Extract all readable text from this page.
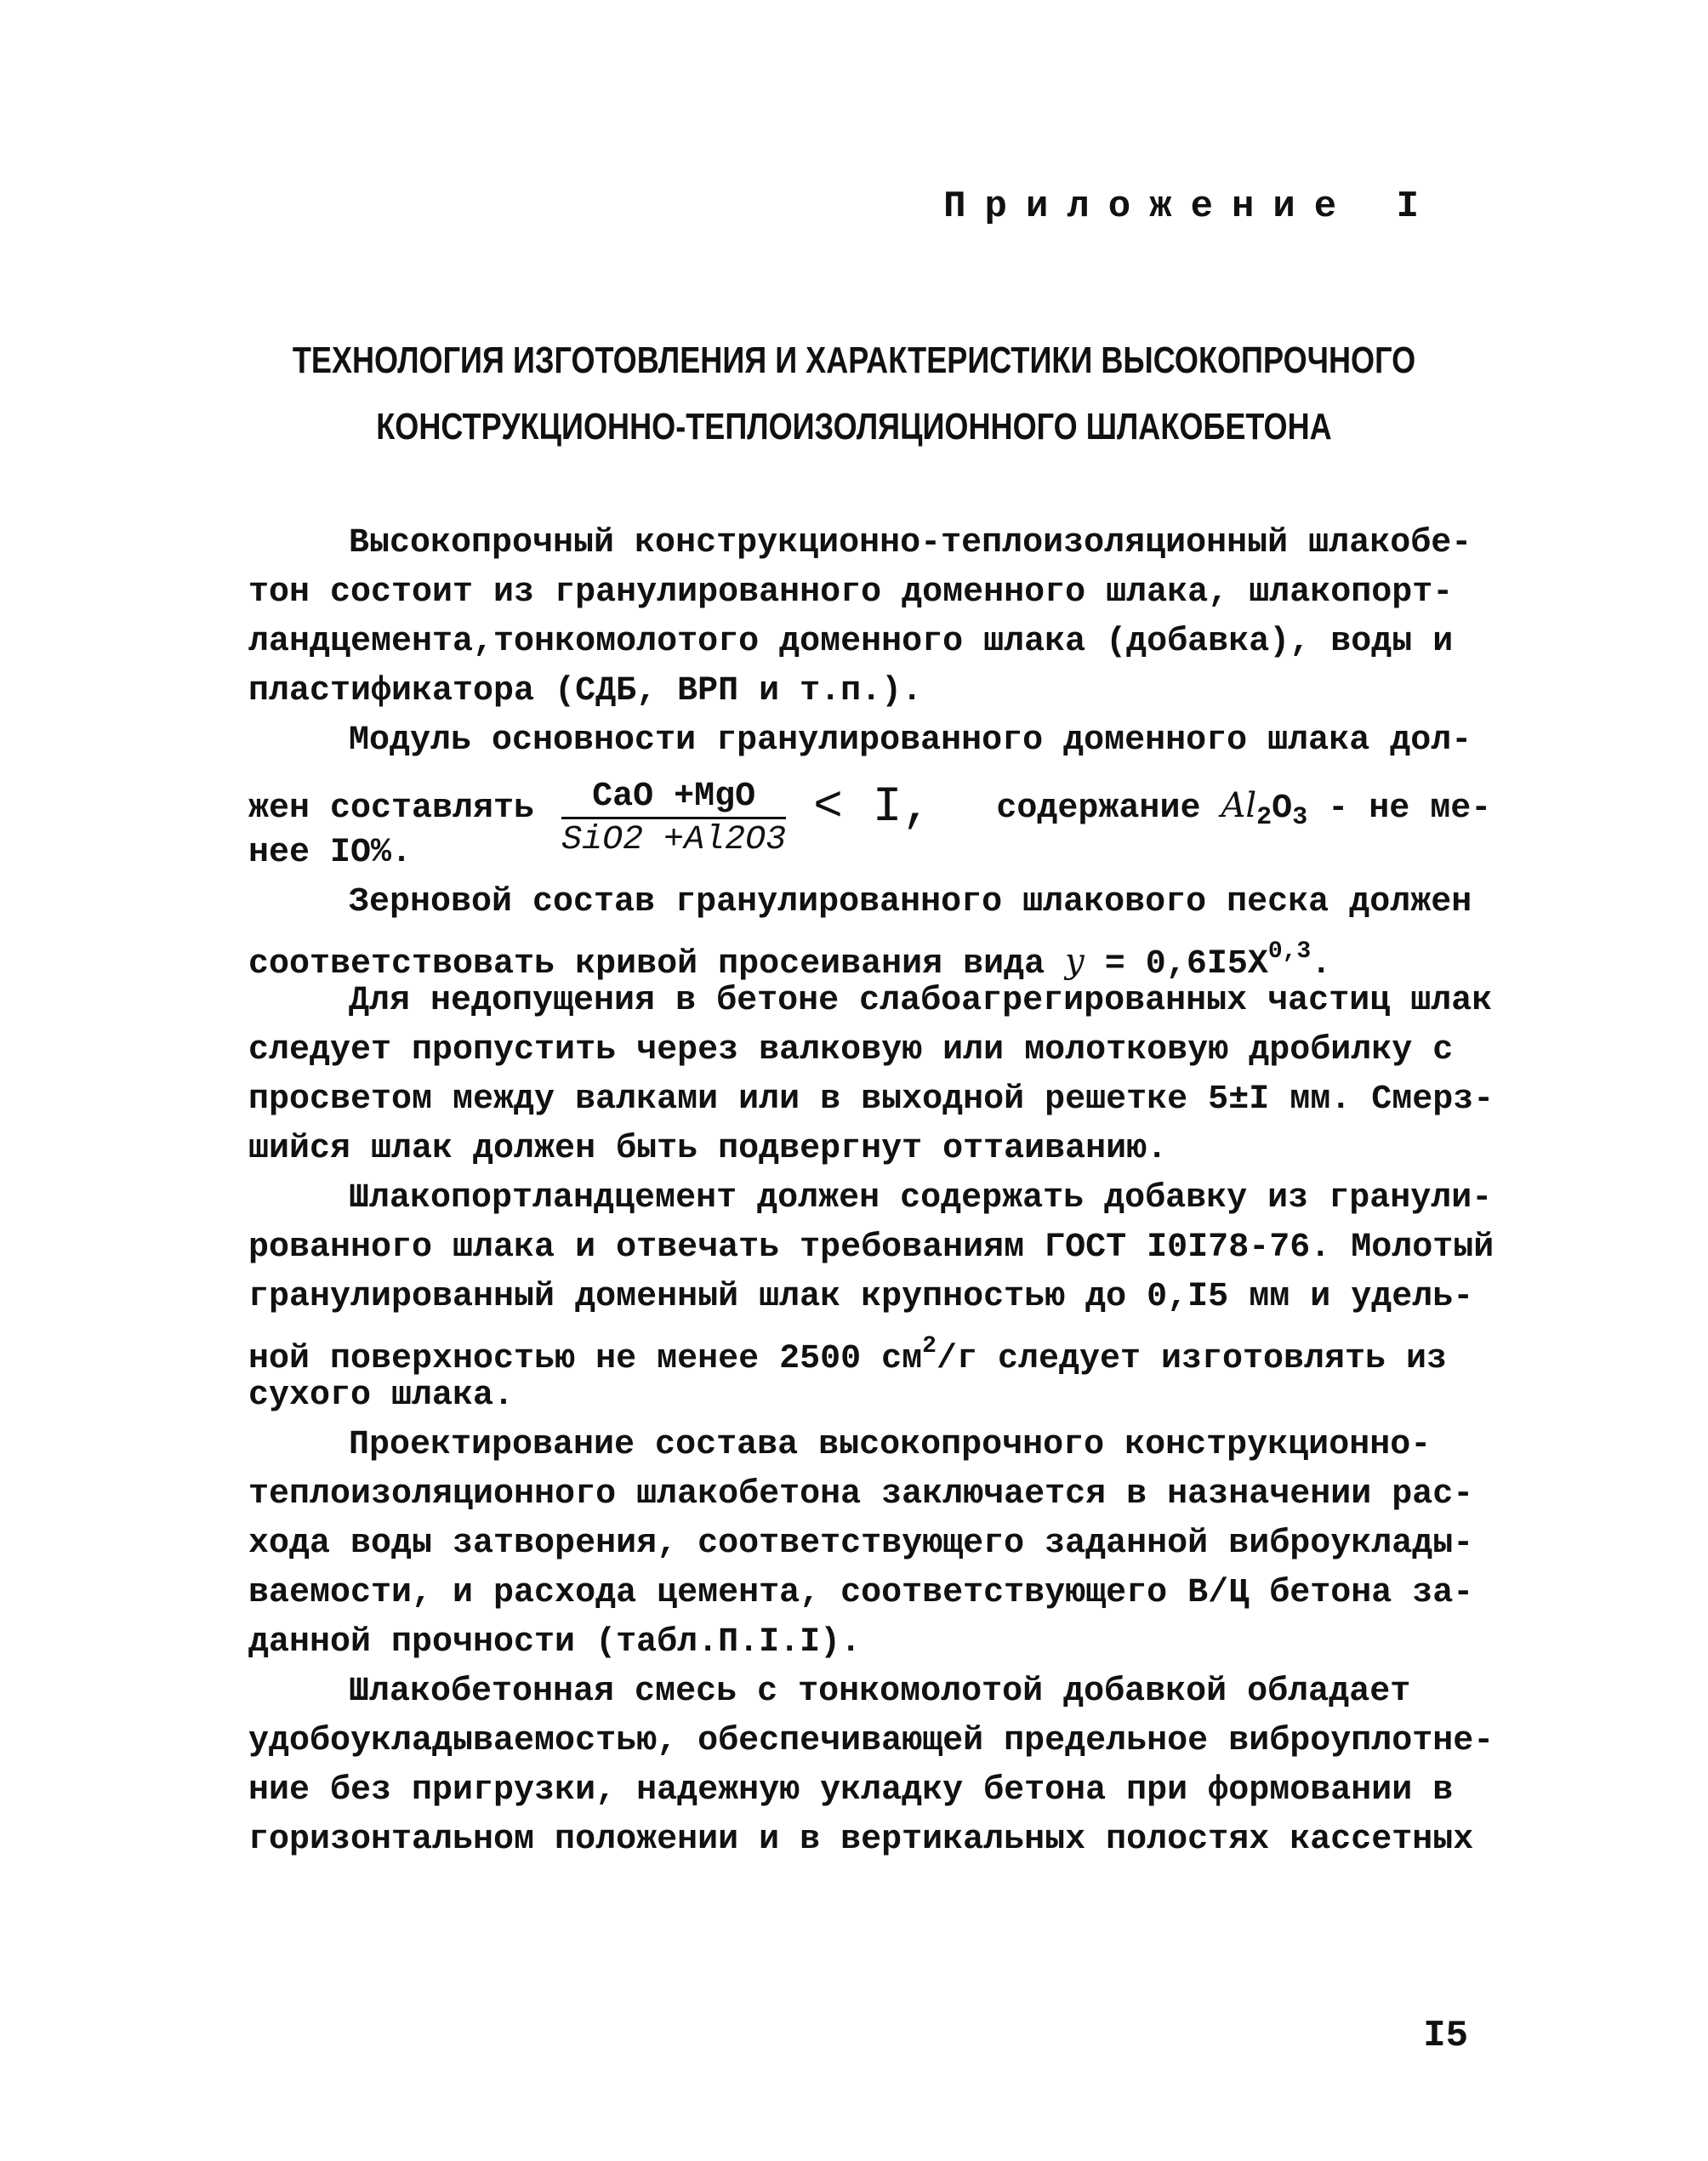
Приложение I
ТЕХНОЛОГИЯ ИЗГОТОВЛЕНИЯ И ХАРАКТЕРИСТИКИ ВЫСОКОПРОЧНОГО
КОНСТРУКЦИОННО-ТЕПЛОИЗОЛЯЦИОННОГО ШЛАКОБЕТОНА
Высокопрочный конструкционно-теплоизоляционный шлакобе-
тон состоит из гранулированного доменного шлака, шлакопорт-
ландцемента,тонкомолотого доменного шлака (добавка), воды и
пластификатора (СДБ, ВРП и т.п.).
Модуль основности гранулированного доменного шлака дол-
жен составлять $\frac{\text{CaO +MgO}}{\text{SiO2 +Al2O3}} < I$, содержание $Al_2O_3$ - не ме-
нее IO%.
Зерновой состав гранулированного шлакового песка должен
соответствовать кривой просеивания вида $y = 0,6I5X^{0,3}$.
Для недопущения в бетоне слабоагрегированных частиц шлак
следует пропустить через валковую или молотковую дробилку с
просветом между валками или в выходной решетке 5±I мм. Смерз-
шийся шлак должен быть подвергнут оттаиванию.
Шлакопортландцемент должен содержать добавку из гранули-
рованного шлака и отвечать требованиям ГОСТ I0I78-76. Молотый
гранулированный доменный шлак крупностью до 0,I5 мм и удель-
ной поверхностью не менее 2500 $см^2/г$ следует изготовлять из
сухого шлака.
Проектирование состава высокопрочного конструкционно-
теплоизоляционного шлакобетона заключается в назначении рас-
хода воды затворения, соответствующего заданной виброуклады-
ваемости, и расхода цемента, соответствующего В/Ц бетона за-
данной прочности (табл.П.I.I).
Шлакобетонная смесь с тонкомолотой добавкой обладает
удобоукладываемостью, обеспечивающей предельное виброуплотне-
ние без пригрузки, надежную укладку бетона при формовании в
горизонтальном положении и в вертикальных полостях кассетных
I5
